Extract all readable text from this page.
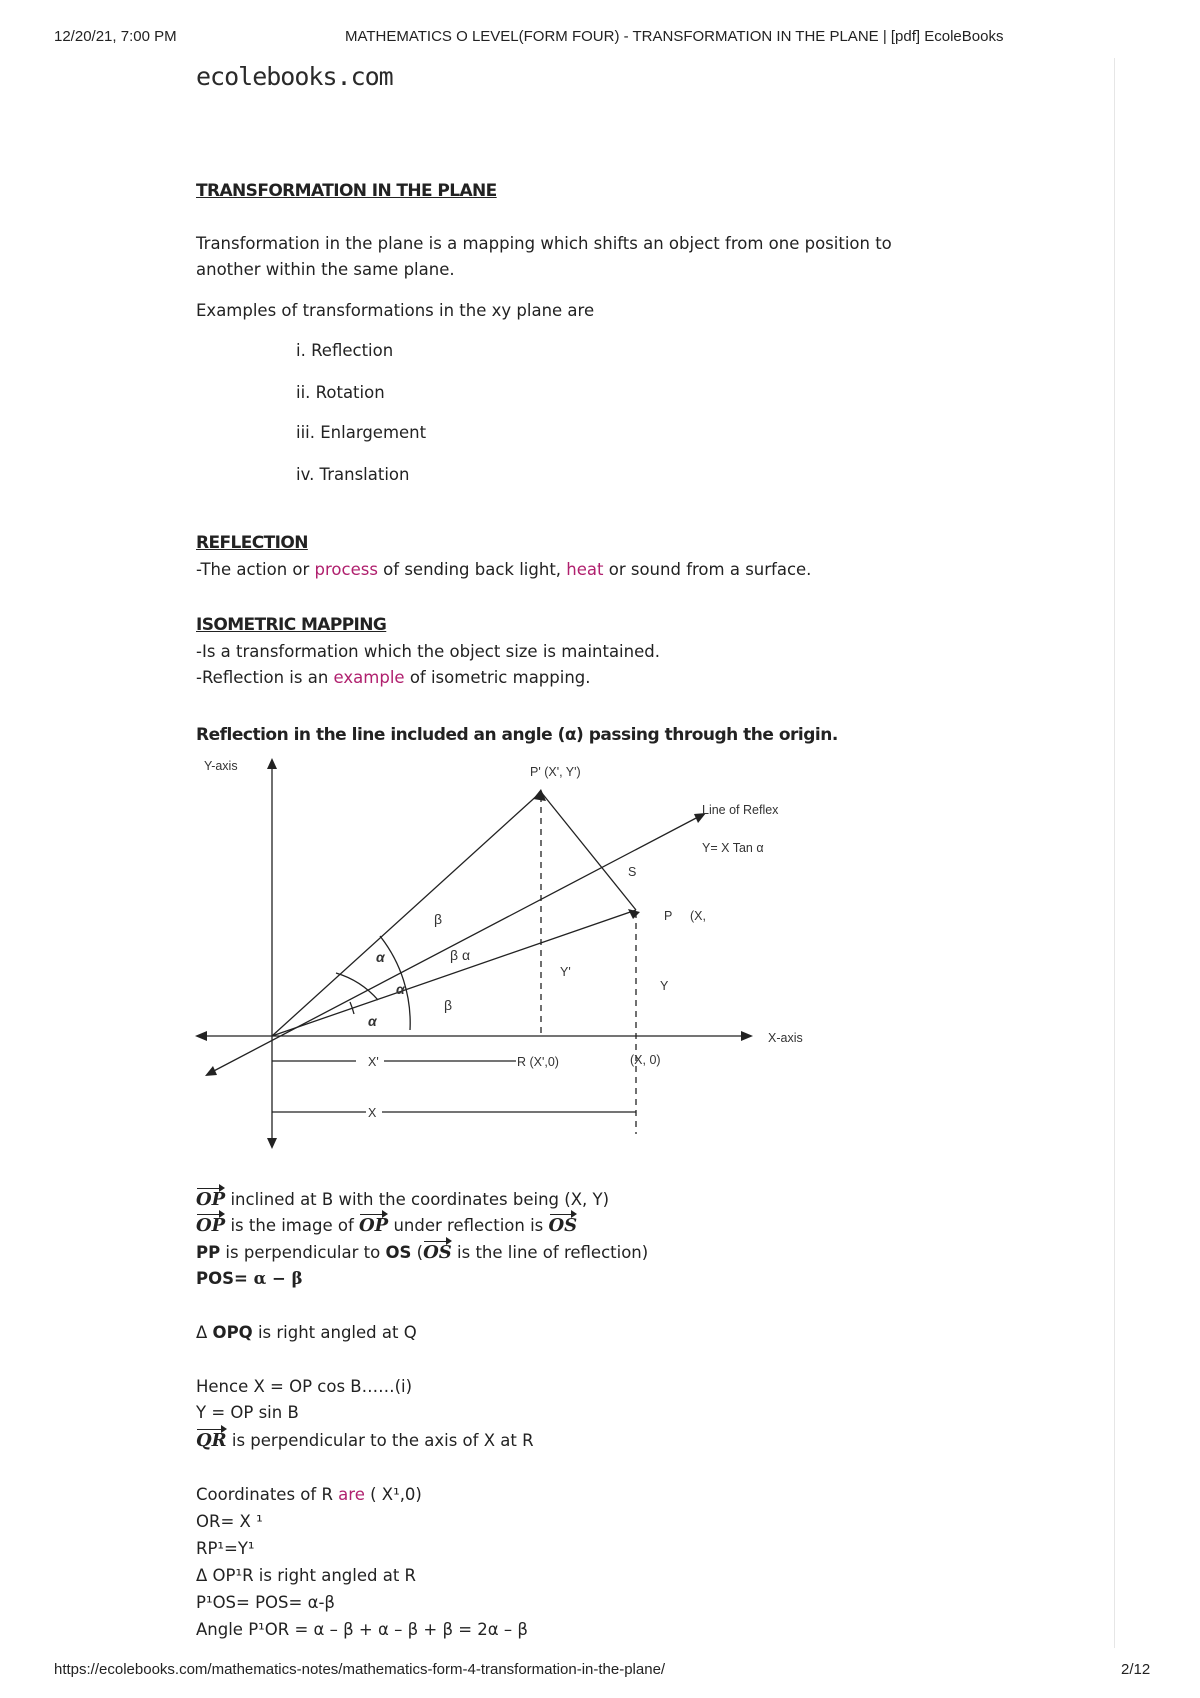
12/20/21, 7:00 PM	MATHEMATICS O LEVEL(FORM FOUR) - TRANSFORMATION IN THE PLANE | [pdf] EcoleBooks
ecolebooks.com
TRANSFORMATION IN THE PLANE
Transformation in the plane is a mapping which shifts an object from one position to
another within the same plane.
Examples of transformations in the xy plane are
i. Reflection
ii. Rotation
iii. Enlargement
iv. Translation
REFLECTION
-The action or process of sending back light, heat or sound from a surface.
ISOMETRIC MAPPING
-Is a transformation which the object size is maintained.
-Reflection is an example of isometric mapping.
Reflection in the line included an angle (α) passing through the origin.
Y-axis
X-axis
P' (X', Y')
Line of Reflex
Y= X Tan α
S
P (X,
β
β α
α
α
α
β
Y'
Y
X'	R (X',0)	(X, 0)
X
OP inclined at B with the coordinates being (X, Y)
OP is the image of OP under reflection is OS
PP is perpendicular to OS (OS is the line of reflection)
POS= α − β
Δ OPQ is right angled at Q
Hence X = OP cos B……(i)
Y = OP sin B
QR is perpendicular to the axis of X at R
Coordinates of R are ( X¹,0)
OR= X ¹
RP¹=Y¹
Δ OP¹R is right angled at R
P¹OS= POS= α-β
Angle P¹OR = α – β + α – β + β = 2α – β
https://ecolebooks.com/mathematics-notes/mathematics-form-4-transformation-in-the-plane/	2/12
